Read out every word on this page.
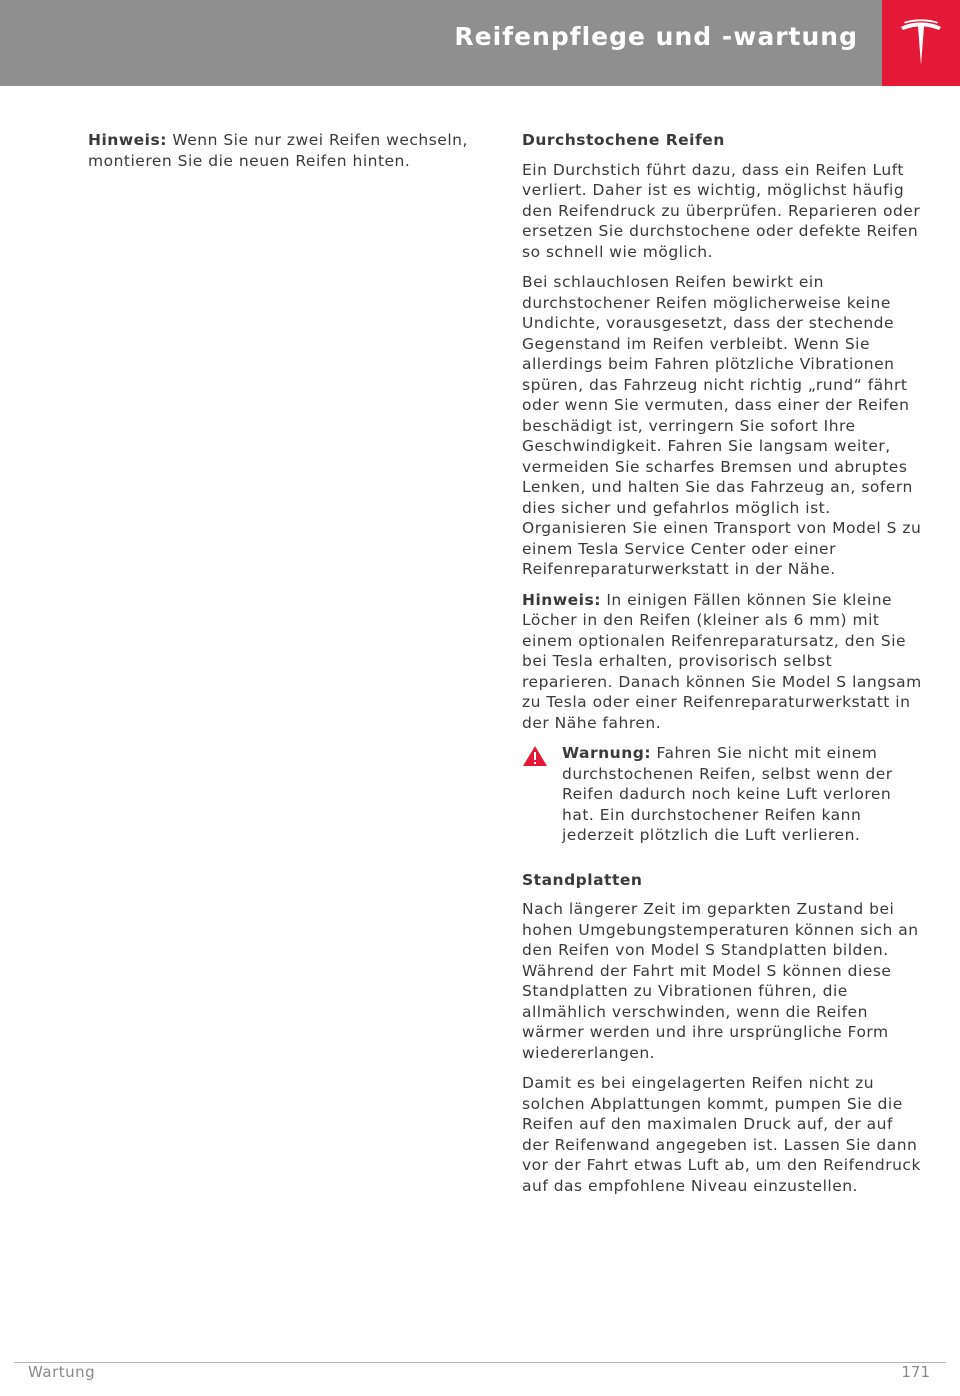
Reifenpflege und -wartung

Hinweis: Wenn Sie nur zwei Reifen wechseln, montieren Sie die neuen Reifen hinten.

Durchstochene Reifen

Ein Durchstich führt dazu, dass ein Reifen Luft verliert. Daher ist es wichtig, möglichst häufig den Reifendruck zu überprüfen. Reparieren oder ersetzen Sie durchstochene oder defekte Reifen so schnell wie möglich.

Bei schlauchlosen Reifen bewirkt ein durchstochener Reifen möglicherweise keine Undichte, vorausgesetzt, dass der stechende Gegenstand im Reifen verbleibt. Wenn Sie allerdings beim Fahren plötzliche Vibrationen spüren, das Fahrzeug nicht richtig „rund“ fährt oder wenn Sie vermuten, dass einer der Reifen beschädigt ist, verringern Sie sofort Ihre Geschwindigkeit. Fahren Sie langsam weiter, vermeiden Sie scharfes Bremsen und abruptes Lenken, und halten Sie das Fahrzeug an, sofern dies sicher und gefahrlos möglich ist. Organisieren Sie einen Transport von Model S zu einem Tesla Service Center oder einer Reifenreparaturwerkstatt in der Nähe.

Hinweis: In einigen Fällen können Sie kleine Löcher in den Reifen (kleiner als 6 mm) mit einem optionalen Reifenreparatursatz, den Sie bei Tesla erhalten, provisorisch selbst reparieren. Danach können Sie Model S langsam zu Tesla oder einer Reifenreparaturwerkstatt in der Nähe fahren.

Warnung: Fahren Sie nicht mit einem durchstochenen Reifen, selbst wenn der Reifen dadurch noch keine Luft verloren hat. Ein durchstochener Reifen kann jederzeit plötzlich die Luft verlieren.

Standplatten

Nach längerer Zeit im geparkten Zustand bei hohen Umgebungstemperaturen können sich an den Reifen von Model S Standplatten bilden. Während der Fahrt mit Model S können diese Standplatten zu Vibrationen führen, die allmählich verschwinden, wenn die Reifen wärmer werden und ihre ursprüngliche Form wiedererlangen.

Damit es bei eingelagerten Reifen nicht zu solchen Abplattungen kommt, pumpen Sie die Reifen auf den maximalen Druck auf, der auf der Reifenwand angegeben ist. Lassen Sie dann vor der Fahrt etwas Luft ab, um den Reifendruck auf das empfohlene Niveau einzustellen.

Wartung	171
